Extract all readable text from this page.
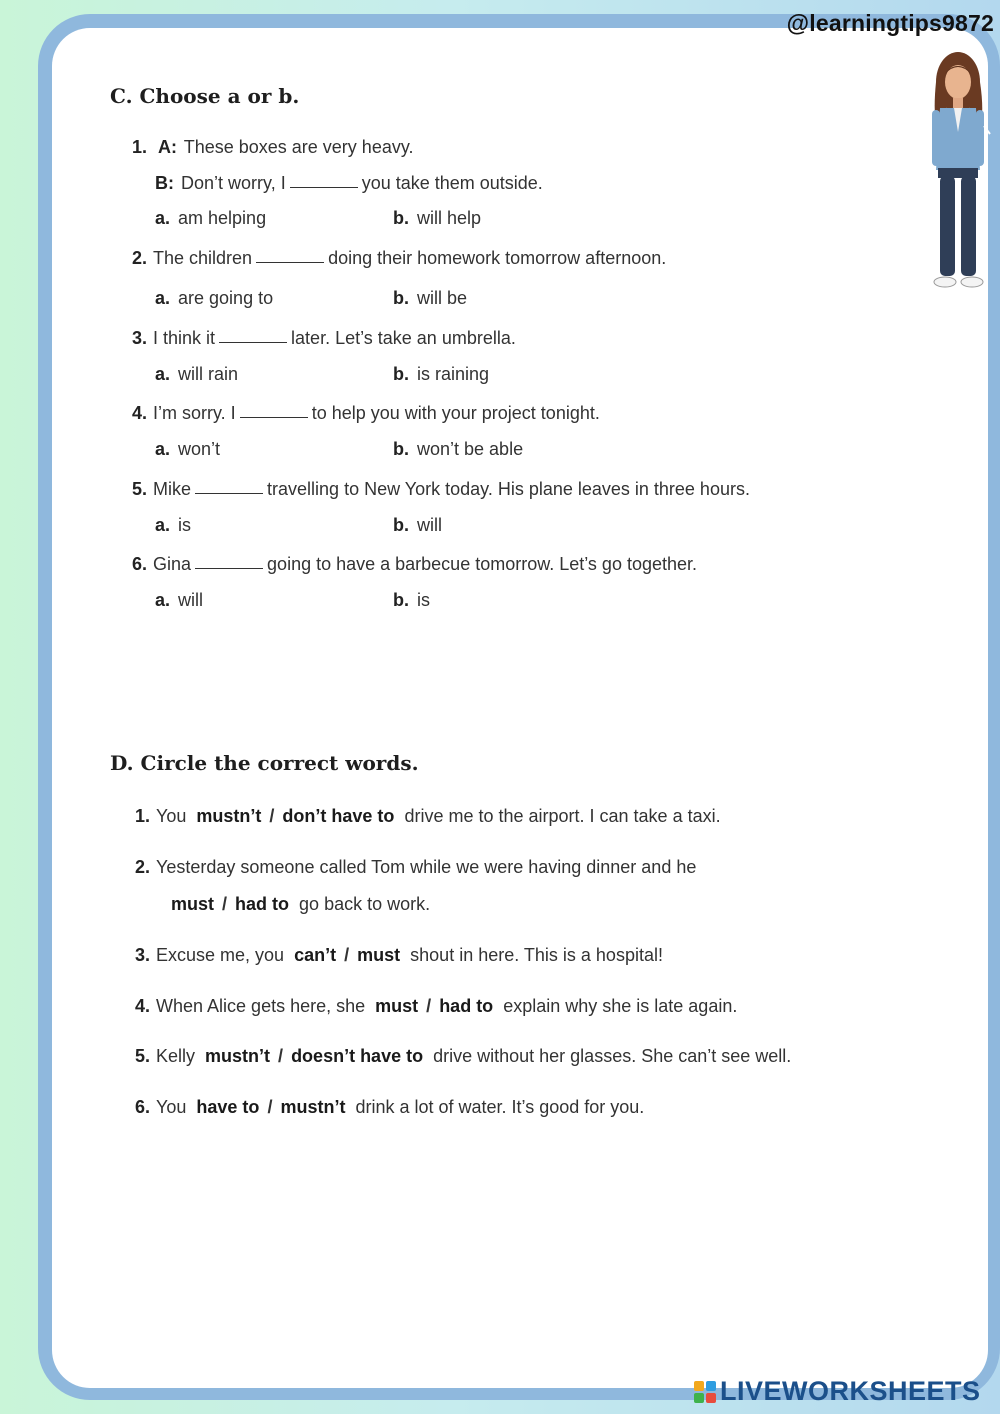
@learningtips9872
C. Choose a or b.
1. A: These boxes are very heavy.
B: Don’t worry, I	you take them outside.
a. am helping	b. will help
2. The children	doing their homework tomorrow afternoon.
a. are going to	b. will be
3. I think it	later. Let’s take an umbrella.
a. will rain	b. is raining
4. I’m sorry. I	to help you with your project tonight.
a. won’t	b. won’t be able
5. Mike	travelling to New York today. His plane leaves in three hours.
a. is	b. will
6. Gina	going to have a barbecue tomorrow. Let’s go together.
a. will	b. is
D. Circle the correct words.
1. You mustn’t / don’t have to drive me to the airport. I can take a taxi.
2. Yesterday someone called Tom while we were having dinner and he
must / had to go back to work.
3. Excuse me, you can’t / must shout in here. This is a hospital!
4. When Alice gets here, she must / had to explain why she is late again.
5. Kelly mustn’t / doesn’t have to drive without her glasses. She can’t see well.
6. You have to / mustn’t drink a lot of water. It’s good for you.
LIVEWORKSHEETS
